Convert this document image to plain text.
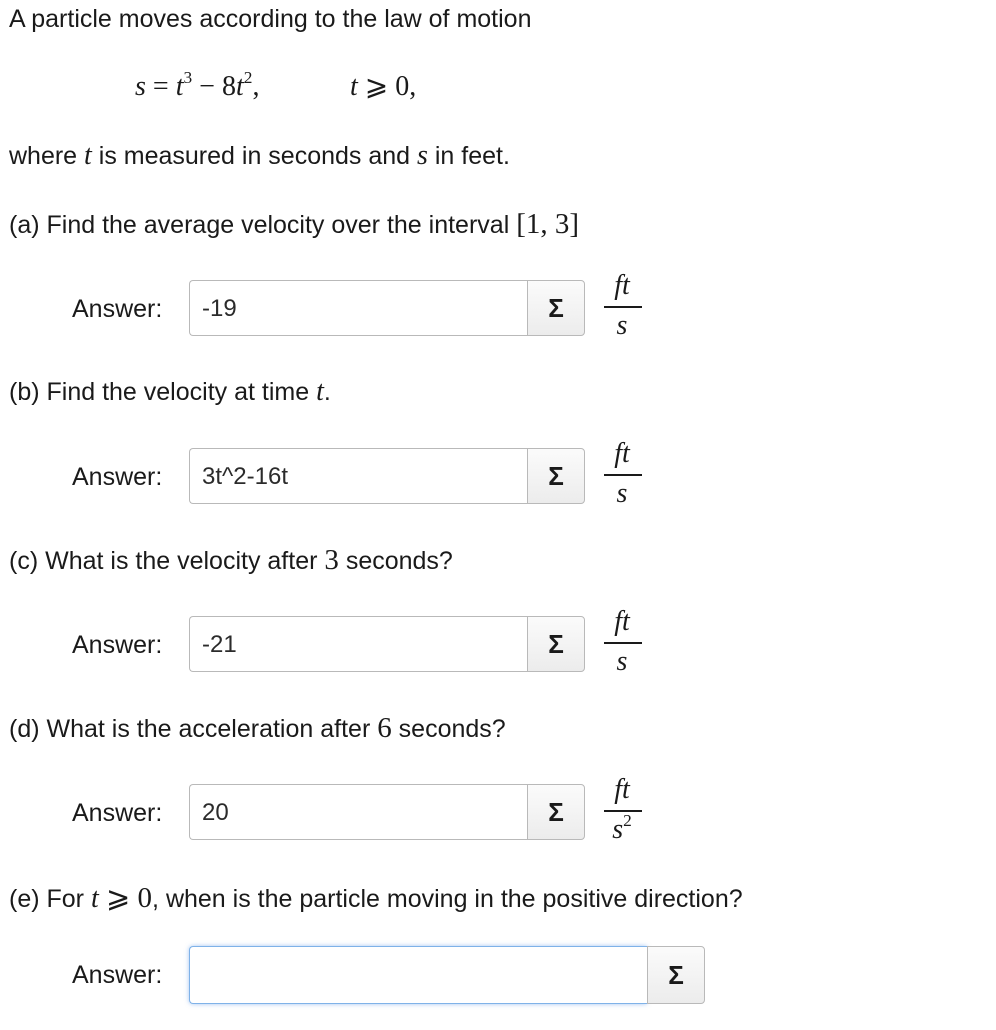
A particle moves according to the law of motion
$s = t^3 - 8t^2$,	t ⩾ 0,
where t is measured in seconds and s in feet.
(a) Find the average velocity over the interval [1, 3]
Answer:	-19	Σ
ft
s
(b) Find the velocity at time t.
Answer:	3t^2-16t	Σ
ft
s
(c) What is the velocity after 3 seconds?
Answer:	-21	Σ
ft
s
(d) What is the acceleration after 6 seconds?
Answer:	20	Σ
ft
$s^2$
(e) For t ⩾ 0, when is the particle moving in the positive direction?
Answer:	Σ
